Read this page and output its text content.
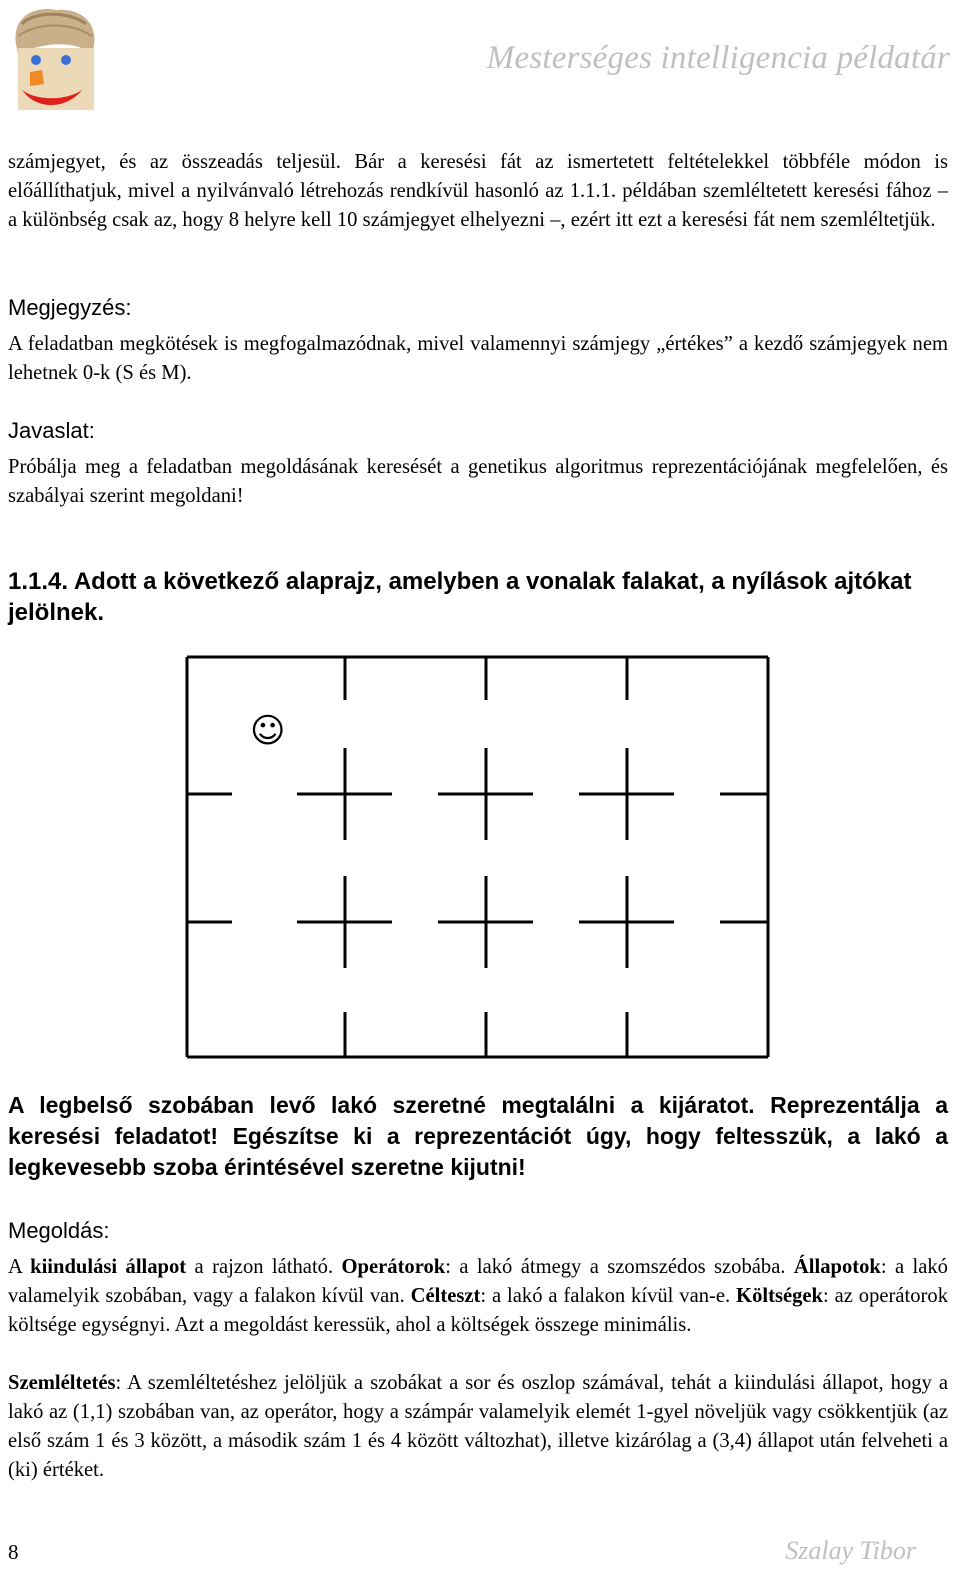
Mesterséges intelligencia példatár

számjegyet, és az összeadás teljesül. Bár a keresési fát az ismertetett feltételekkel többféle módon is előállíthatjuk, mivel a nyilvánvaló létrehozás rendkívül hasonló az 1.1.1. példában szemléltetett keresési fához – a különbség csak az, hogy 8 helyre kell 10 számjegyet elhelyezni –, ezért itt ezt a keresési fát nem szemléltetjük.

Megjegyzés:
A feladatban megkötések is megfogalmazódnak, mivel valamennyi számjegy „értékes” a kezdő számjegyek nem lehetnek 0-k (S és M).
Javaslat:
Próbálja meg a feladatban megoldásának keresését a genetikus algoritmus reprezentációjának megfelelően, és szabályai szerint megoldani!
1.1.4. Adott a következő alaprajz, amelyben a vonalak falakat, a nyílások ajtókat jelölnek.
☺
A legbelső szobában levő lakó szeretné megtalálni a kijáratot. Reprezentálja a keresési feladatot! Egészítse ki a reprezentációt úgy, hogy feltesszük, a lakó a legkevesebb szoba érintésével szeretne kijutni!
Megoldás:

A kiindulási állapot a rajzon látható. Operátorok: a lakó átmegy a szomszédos szobába. Állapotok: a lakó valamelyik szobában, vagy a falakon kívül van. Célteszt: a lakó a falakon kívül van-e. Költségek: az operátorok költsége egységnyi. Azt a megoldást keressük, ahol a költségek összege minimális.

Szemléltetés: A szemléltetéshez jelöljük a szobákat a sor és oszlop számával, tehát a kiindulási állapot, hogy a lakó az (1,1) szobában van, az operátor, hogy a számpár valamelyik elemét 1-gyel növeljük vagy csökkentjük (az első szám 1 és 3 között, a második szám 1 és 4 között változhat), illetve kizárólag a (3,4) állapot után felveheti a (ki) értéket.

8	Szalay Tibor
